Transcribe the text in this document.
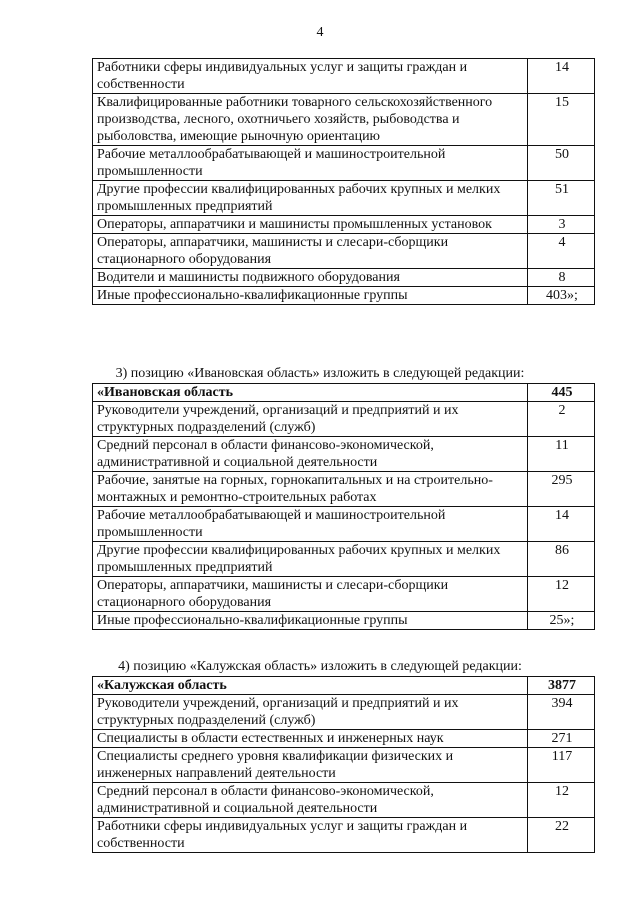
4
Работники сферы индивидуальных услуг и защиты граждан и собственности	14
Квалифицированные работники товарного сельскохозяйственного производства, лесного, охотничьего хозяйств, рыбоводства и рыболовства, имеющие рыночную ориентацию	15
Рабочие металлообрабатывающей и машиностроительной промышленности	50
Другие профессии квалифицированных рабочих крупных и мелких промышленных предприятий	51
Операторы, аппаратчики и машинисты промышленных установок	3
Операторы, аппаратчики, машинисты и слесари-сборщики стационарного оборудования	4
Водители и машинисты подвижного оборудования	8
Иные профессионально-квалификационные группы	403»;
3) позицию «Ивановская область» изложить в следующей редакции:
«Ивановская область	445
Руководители учреждений, организаций и предприятий и их структурных подразделений (служб)	2
Средний персонал в области финансово-экономической, административной и социальной деятельности	11
Рабочие, занятые на горных, горнокапитальных и на строительно-монтажных и ремонтно-строительных работах	295
Рабочие металлообрабатывающей и машиностроительной промышленности	14
Другие профессии квалифицированных рабочих крупных и мелких промышленных предприятий	86
Операторы, аппаратчики, машинисты и слесари-сборщики стационарного оборудования	12
Иные профессионально-квалификационные группы	25»;
4) позицию «Калужская область» изложить в следующей редакции:
«Калужская область	3877
Руководители учреждений, организаций и предприятий и их структурных подразделений (служб)	394
Специалисты в области естественных и инженерных наук	271
Специалисты среднего уровня квалификации физических и инженерных направлений деятельности	117
Средний персонал в области финансово-экономической, административной и социальной деятельности	12
Работники сферы индивидуальных услуг и защиты граждан и собственности	22
